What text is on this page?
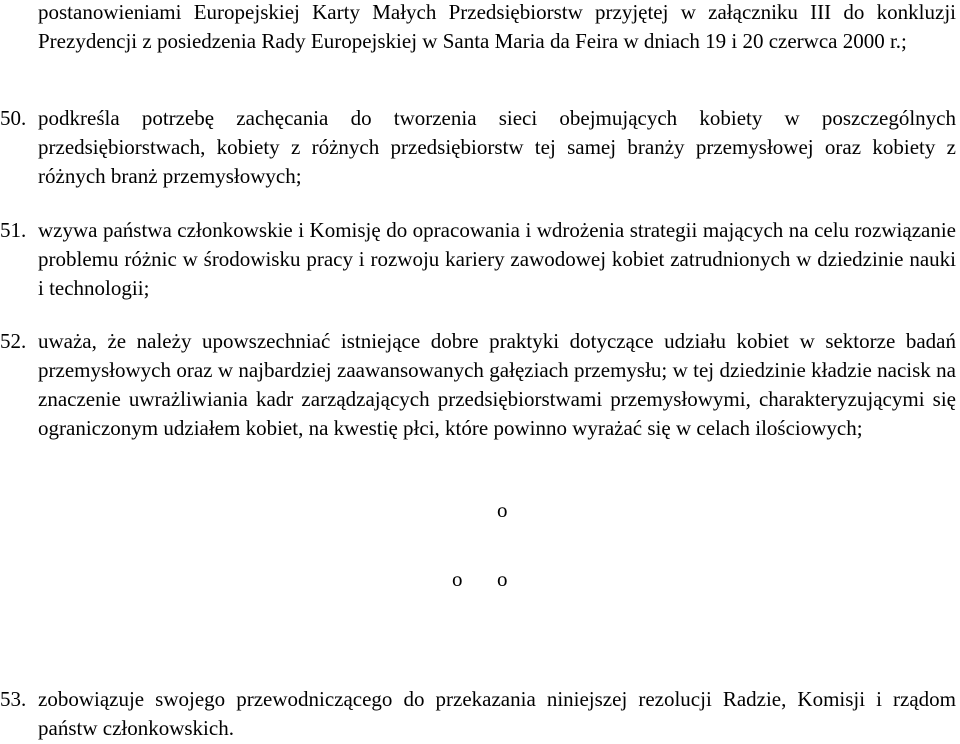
postanowieniami Europejskiej Karty Małych Przedsiębiorstw przyjętej w załączniku III do konkluzji Prezydencji z posiedzenia Rady Europejskiej w Santa Maria da Feira w dniach 19 i 20 czerwca 2000 r.;
50. podkreśla potrzebę zachęcania do tworzenia sieci obejmujących kobiety w poszczególnych przedsiębiorstwach, kobiety z różnych przedsiębiorstw tej samej branży przemysłowej oraz kobiety z różnych branż przemysłowych;
51. wzywa państwa członkowskie i Komisję do opracowania i wdrożenia strategii mających na celu rozwiązanie problemu różnic w środowisku pracy i rozwoju kariery zawodowej kobiet zatrudnionych w dziedzinie nauki i technologii;
52. uważa, że należy upowszechniać istniejące dobre praktyki dotyczące udziału kobiet w sektorze badań przemysłowych oraz w najbardziej zaawansowanych gałęziach przemysłu; w tej dziedzinie kładzie nacisk na znaczenie uwrażliwiania kadr zarządzających przedsiębiorstwami przemysłowymi, charakteryzującymi się ograniczonym udziałem kobiet, na kwestię płci, które powinno wyrażać się w celach ilościowych;
o
o o
53. zobowiązuje swojego przewodniczącego do przekazania niniejszej rezolucji Radzie, Komisji i rządom państw członkowskich.
